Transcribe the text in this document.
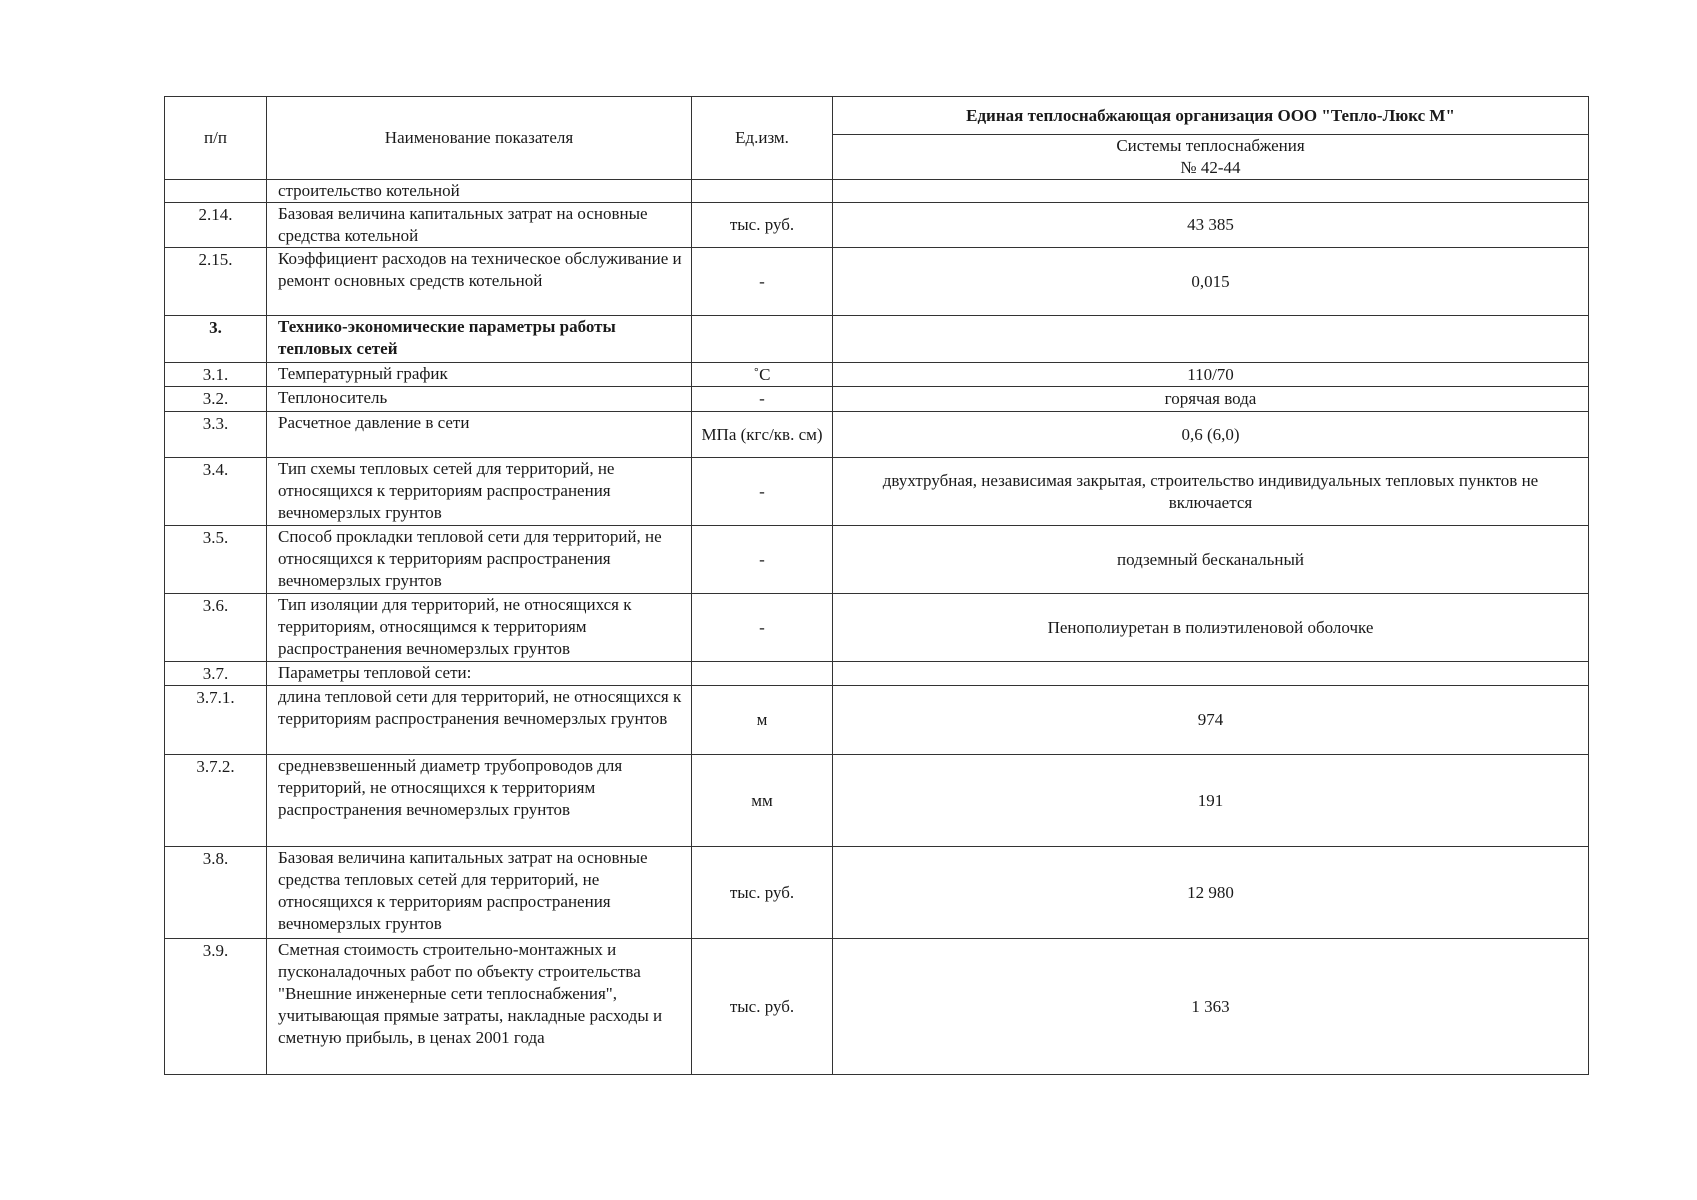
п/п	Наименование показателя	Ед.изм.	Единая теплоснабжающая организация ООО "Тепло-Люкс М"

			Системы теплоснабжения
№ 42-44

	строительство котельной		
2.14.	Базовая величина капитальных затрат на основные средства котельной	тыс. руб.	43 385
2.15.	Коэффициент расходов на техническое обслуживание и ремонт основных средств котельной	-	0,015
3.	Технико-экономические параметры работы тепловых сетей		
3.1.	Температурный график	˚С	110/70
3.2.	Теплоноситель	-	горячая вода
3.3.	Расчетное давление в сети	МПа (кгс/кв. см)	0,6 (6,0)
3.4.	Тип схемы тепловых сетей для территорий, не относящихся к территориям распространения вечномерзлых грунтов	-	двухтрубная, независимая закрытая, строительство индивидуальных тепловых пунктов не включается
3.5.	Способ прокладки тепловой сети для территорий, не относящихся к территориям распространения вечномерзлых грунтов	-	подземный бесканальный
3.6.	Тип изоляции для территорий, не относящихся к территориям, относящимся к территориям распространения вечномерзлых грунтов	-	Пенополиуретан в полиэтиленовой оболочке
3.7.	Параметры тепловой сети:		
3.7.1.	длина тепловой сети для территорий, не относящихся к территориям распространения вечномерзлых грунтов	м	974
3.7.2.	средневзвешенный диаметр трубопроводов для территорий, не относящихся к территориям распространения вечномерзлых грунтов	мм	191
3.8.	Базовая величина капитальных затрат на основные средства тепловых сетей для территорий, не относящихся к территориям распространения вечномерзлых грунтов	тыс. руб.	12 980
3.9.	Сметная стоимость строительно-монтажных и пусконаладочных работ по объекту строительства "Внешние инженерные сети теплоснабжения", учитывающая прямые затраты, накладные расходы и сметную прибыль, в ценах 2001 года	тыс. руб.	1 363
